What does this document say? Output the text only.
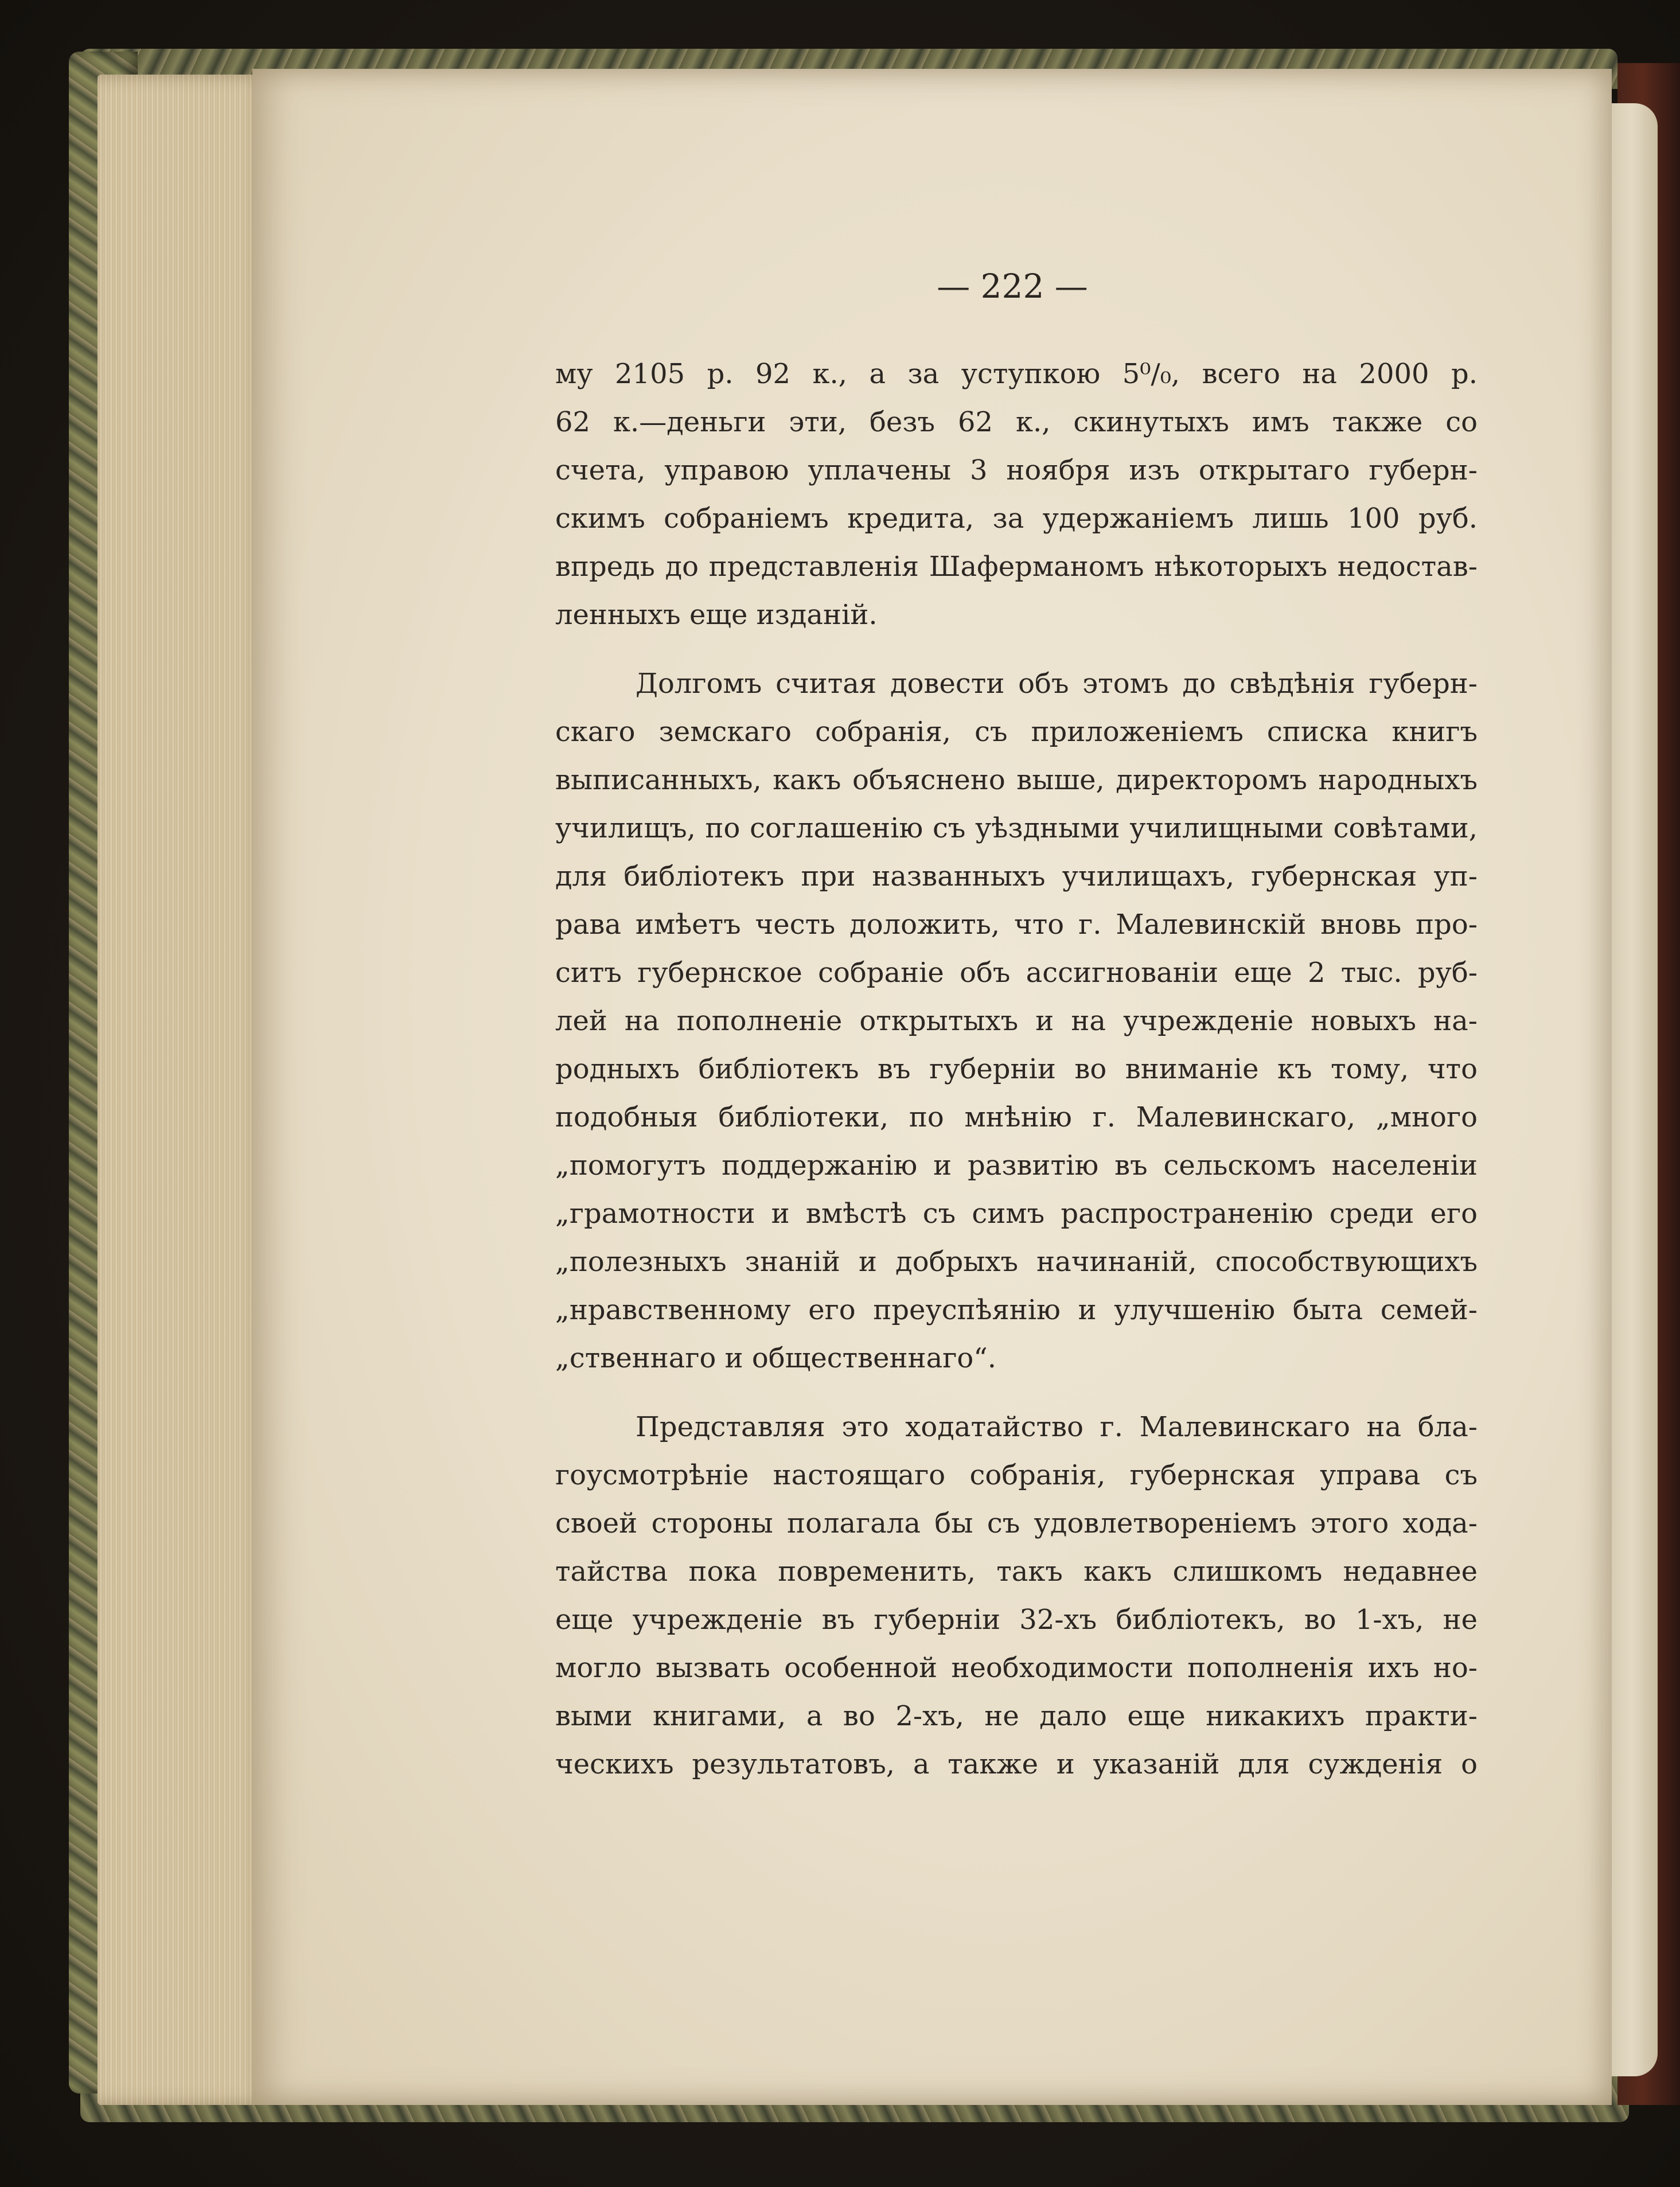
— 222 —
му 2105 р. 92 к., а за уступкою 5⁰/₀, всего на 2000 р.
62 к.—деньги эти, безъ 62 к., скинутыхъ имъ также со
счета, управою уплачены 3 ноября изъ открытаго губерн-
скимъ собраніемъ кредита, за удержаніемъ лишь 100 руб.
впредь до представленія Шаферманомъ нѣкоторыхъ недостав-
ленныхъ еще изданій.
Долгомъ считая довести объ этомъ до свѣдѣнія губерн-
скаго земскаго собранія, съ приложеніемъ списка книгъ
выписанныхъ, какъ объяснено выше, директоромъ народныхъ
училищъ, по соглашенію съ уѣздными училищными совѣтами,
для библіотекъ при названныхъ училищахъ, губернская уп-
рава имѣетъ честь доложить, что г. Малевинскій вновь про-
ситъ губернское собраніе объ ассигнованіи еще 2 тыс. руб-
лей на пополненіе открытыхъ и на учрежденіе новыхъ на-
родныхъ библіотекъ въ губерніи во вниманіе къ тому, что
подобныя библіотеки, по мнѣнію г. Малевинскаго, „много
„помогутъ поддержанію и развитію въ сельскомъ населеніи
„грамотности и вмѣстѣ съ симъ распространенію среди его
„полезныхъ знаній и добрыхъ начинаній, способствующихъ
„нравственному его преуспѣянію и улучшенію быта семей-
„ственнаго и общественнаго“.
Представляя это ходатайство г. Малевинскаго на бла-
гоусмотрѣніе настоящаго собранія, губернская управа съ
своей стороны полагала бы съ удовлетвореніемъ этого хода-
тайства пока повременить, такъ какъ слишкомъ недавнее
еще учрежденіе въ губерніи 32-хъ библіотекъ, во 1-хъ, не
могло вызвать особенной необходимости пополненія ихъ но-
выми книгами, а во 2-хъ, не дало еще никакихъ практи-
ческихъ результатовъ, а также и указаній для сужденія о
